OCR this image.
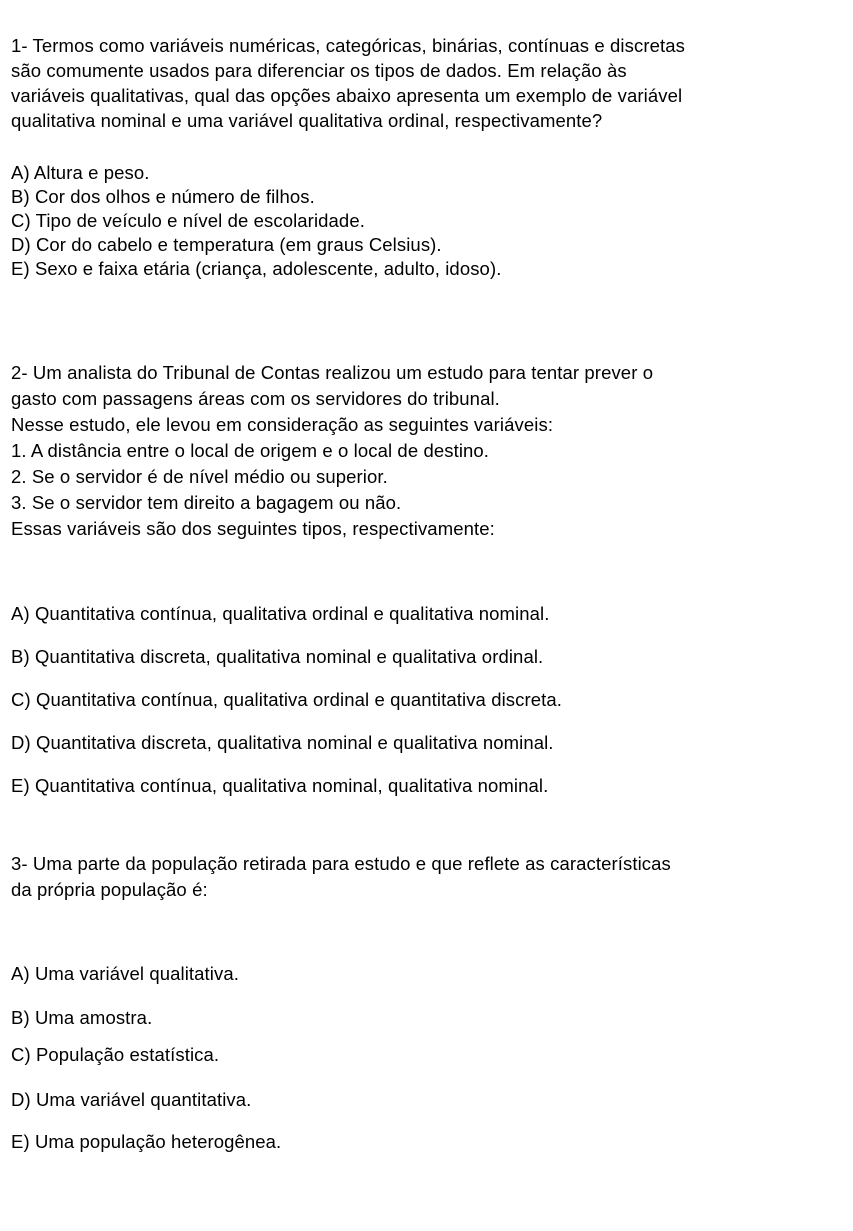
1- Termos como variáveis numéricas, categóricas, binárias, contínuas e discretas
são comumente usados para diferenciar os tipos de dados. Em relação às
variáveis qualitativas, qual das opções abaixo apresenta um exemplo de variável
qualitativa nominal e uma variável qualitativa ordinal, respectivamente?
A) Altura e peso.
B) Cor dos olhos e número de filhos.
C) Tipo de veículo e nível de escolaridade.
D) Cor do cabelo e temperatura (em graus Celsius).
E) Sexo e faixa etária (criança, adolescente, adulto, idoso).
2- Um analista do Tribunal de Contas realizou um estudo para tentar prever o
gasto com passagens áreas com os servidores do tribunal.
Nesse estudo, ele levou em consideração as seguintes variáveis:
1. A distância entre o local de origem e o local de destino.
2. Se o servidor é de nível médio ou superior.
3. Se o servidor tem direito a bagagem ou não.
Essas variáveis são dos seguintes tipos, respectivamente:
A) Quantitativa contínua, qualitativa ordinal e qualitativa nominal.
B) Quantitativa discreta, qualitativa nominal e qualitativa ordinal.
C) Quantitativa contínua, qualitativa ordinal e quantitativa discreta.
D) Quantitativa discreta, qualitativa nominal e qualitativa nominal.
E) Quantitativa contínua, qualitativa nominal, qualitativa nominal.
3- Uma parte da população retirada para estudo e que reflete as características
da própria população é:
A) Uma variável qualitativa.
B) Uma amostra.
C) População estatística.
D) Uma variável quantitativa.
E) Uma população heterogênea.
